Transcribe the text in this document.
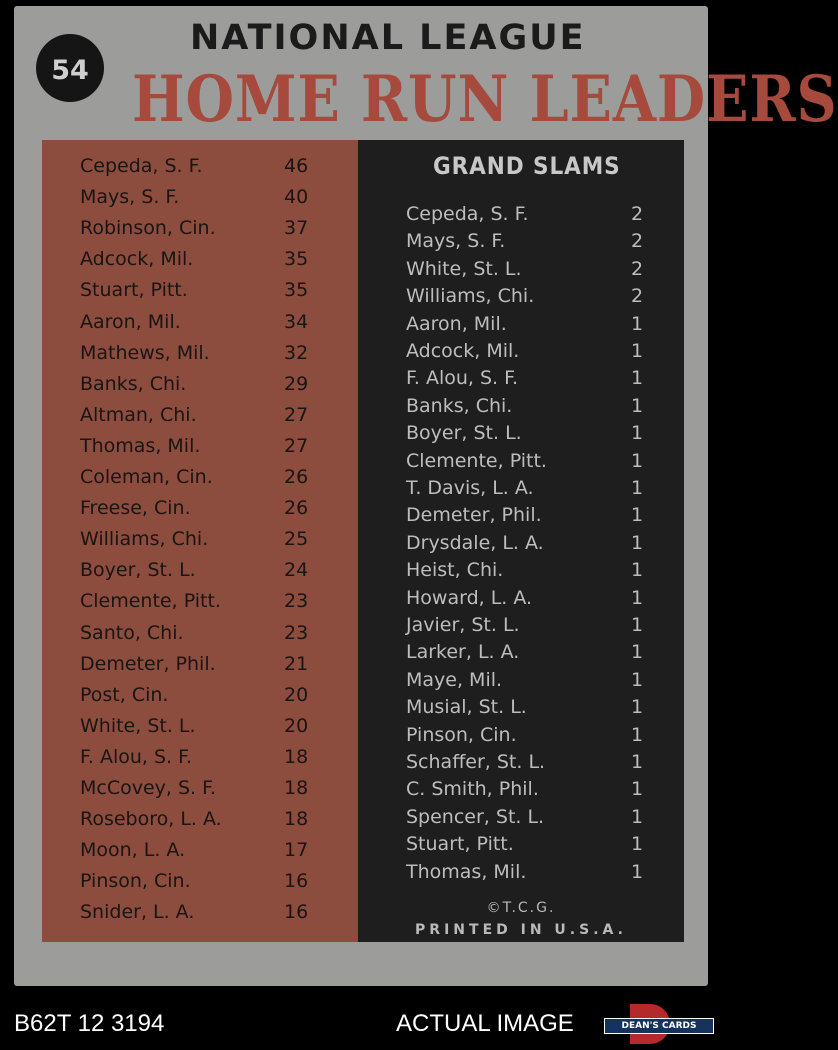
54
NATIONAL LEAGUE
HOME RUN LEADERS
Cepeda, S. F.	46
Mays, S. F.	40
Robinson, Cin.	37
Adcock, Mil.	35
Stuart, Pitt.	35
Aaron, Mil.	34
Mathews, Mil.	32
Banks, Chi.	29
Altman, Chi.	27
Thomas, Mil.	27
Coleman, Cin.	26
Freese, Cin.	26
Williams, Chi.	25
Boyer, St. L.	24
Clemente, Pitt.	23
Santo, Chi.	23
Demeter, Phil.	21
Post, Cin.	20
White, St. L.	20
F. Alou, S. F.	18
McCovey, S. F.	18
Roseboro, L. A.	18
Moon, L. A.	17
Pinson, Cin.	16
Snider, L. A.	16
GRAND SLAMS
©T.C.G.
PRINTED IN U.S.A.
Cepeda, S. F.	2
Mays, S. F.	2
White, St. L.	2
Williams, Chi.	2
Aaron, Mil.	1
Adcock, Mil.	1
F. Alou, S. F.	1
Banks, Chi.	1
Boyer, St. L.	1
Clemente, Pitt.	1
T. Davis, L. A.	1
Demeter, Phil.	1
Drysdale, L. A.	1
Heist, Chi.	1
Howard, L. A.	1
Javier, St. L.	1
Larker, L. A.	1
Maye, Mil.	1
Musial, St. L.	1
Pinson, Cin.	1
Schaffer, St. L.	1
C. Smith, Phil.	1
Spencer, St. L.	1
Stuart, Pitt.	1
Thomas, Mil.	1
B62T 12 3194	ACTUAL IMAGE	DEAN'S CARDS
